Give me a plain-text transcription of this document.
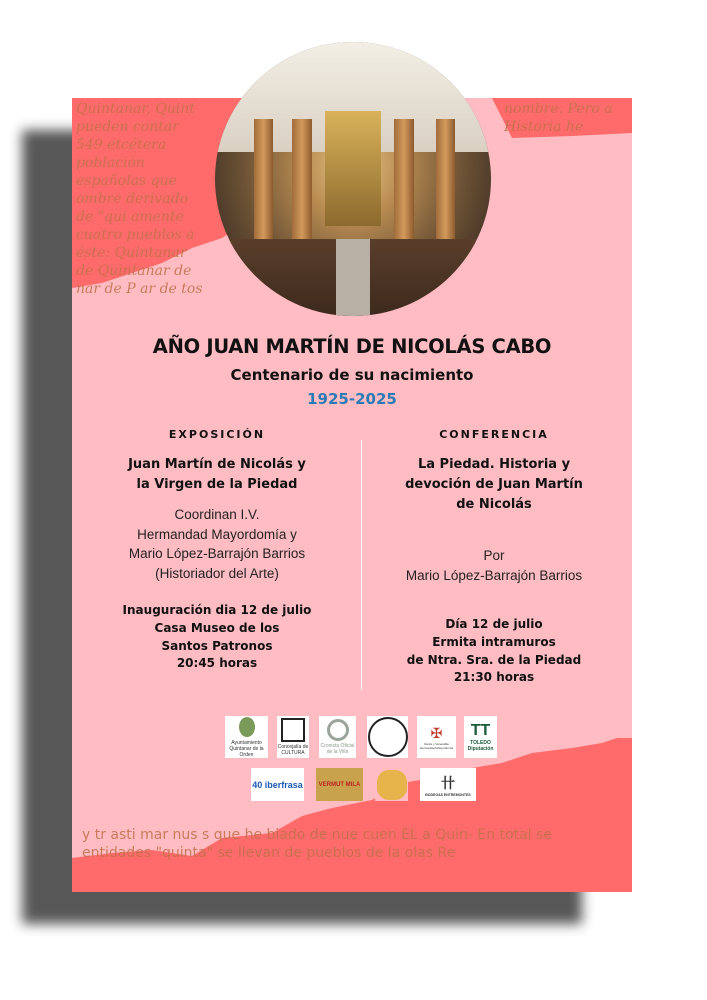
Quintanar, Quint pueden contar 549 etcétera población españolas que ombre derivado de "qui amente cuatro pueblos a éste: Quintanar de Quintanar de nar de P ar de tos
nombre. Pero a
Historia he
y tr asti mar nus s que he biado de nue cuen EL a Quin- En total se entidades "quinta" se llevan de pueblos de la olas Re
AÑO JUAN MARTÍN DE NICOLÁS CABO
Centenario de su nacimiento
1925-2025
EXPOSICIÓN
Juan Martín de Nicolás y
la Virgen de la Piedad
Coordinan I.V.
Hermandad Mayordomía y
Mario López-Barrajón Barrios
(Historiador del Arte)
Inauguración dia 12 de julio
Casa Museo de los
Santos Patronos
20:45 horas
CONFERENCIA
La Piedad. Historia y
devoción de Juan Martín
de Nicolás
Por
Mario López-Barrajón Barrios
Día 12 de julio
Ermita intramuros
de Ntra. Sra. de la Piedad
21:30 horas
Ayuntamiento Quintanar de la Orden
Concejalía de CULTURA
Cronista Oficial de la Villa
✠
Ilustre y Venerable Hermandad Mayordomía
TT
TOLEDO Diputación
40 iberfrasa	VERMUT MILA	卄
BODEGAS ENTREMONTES
